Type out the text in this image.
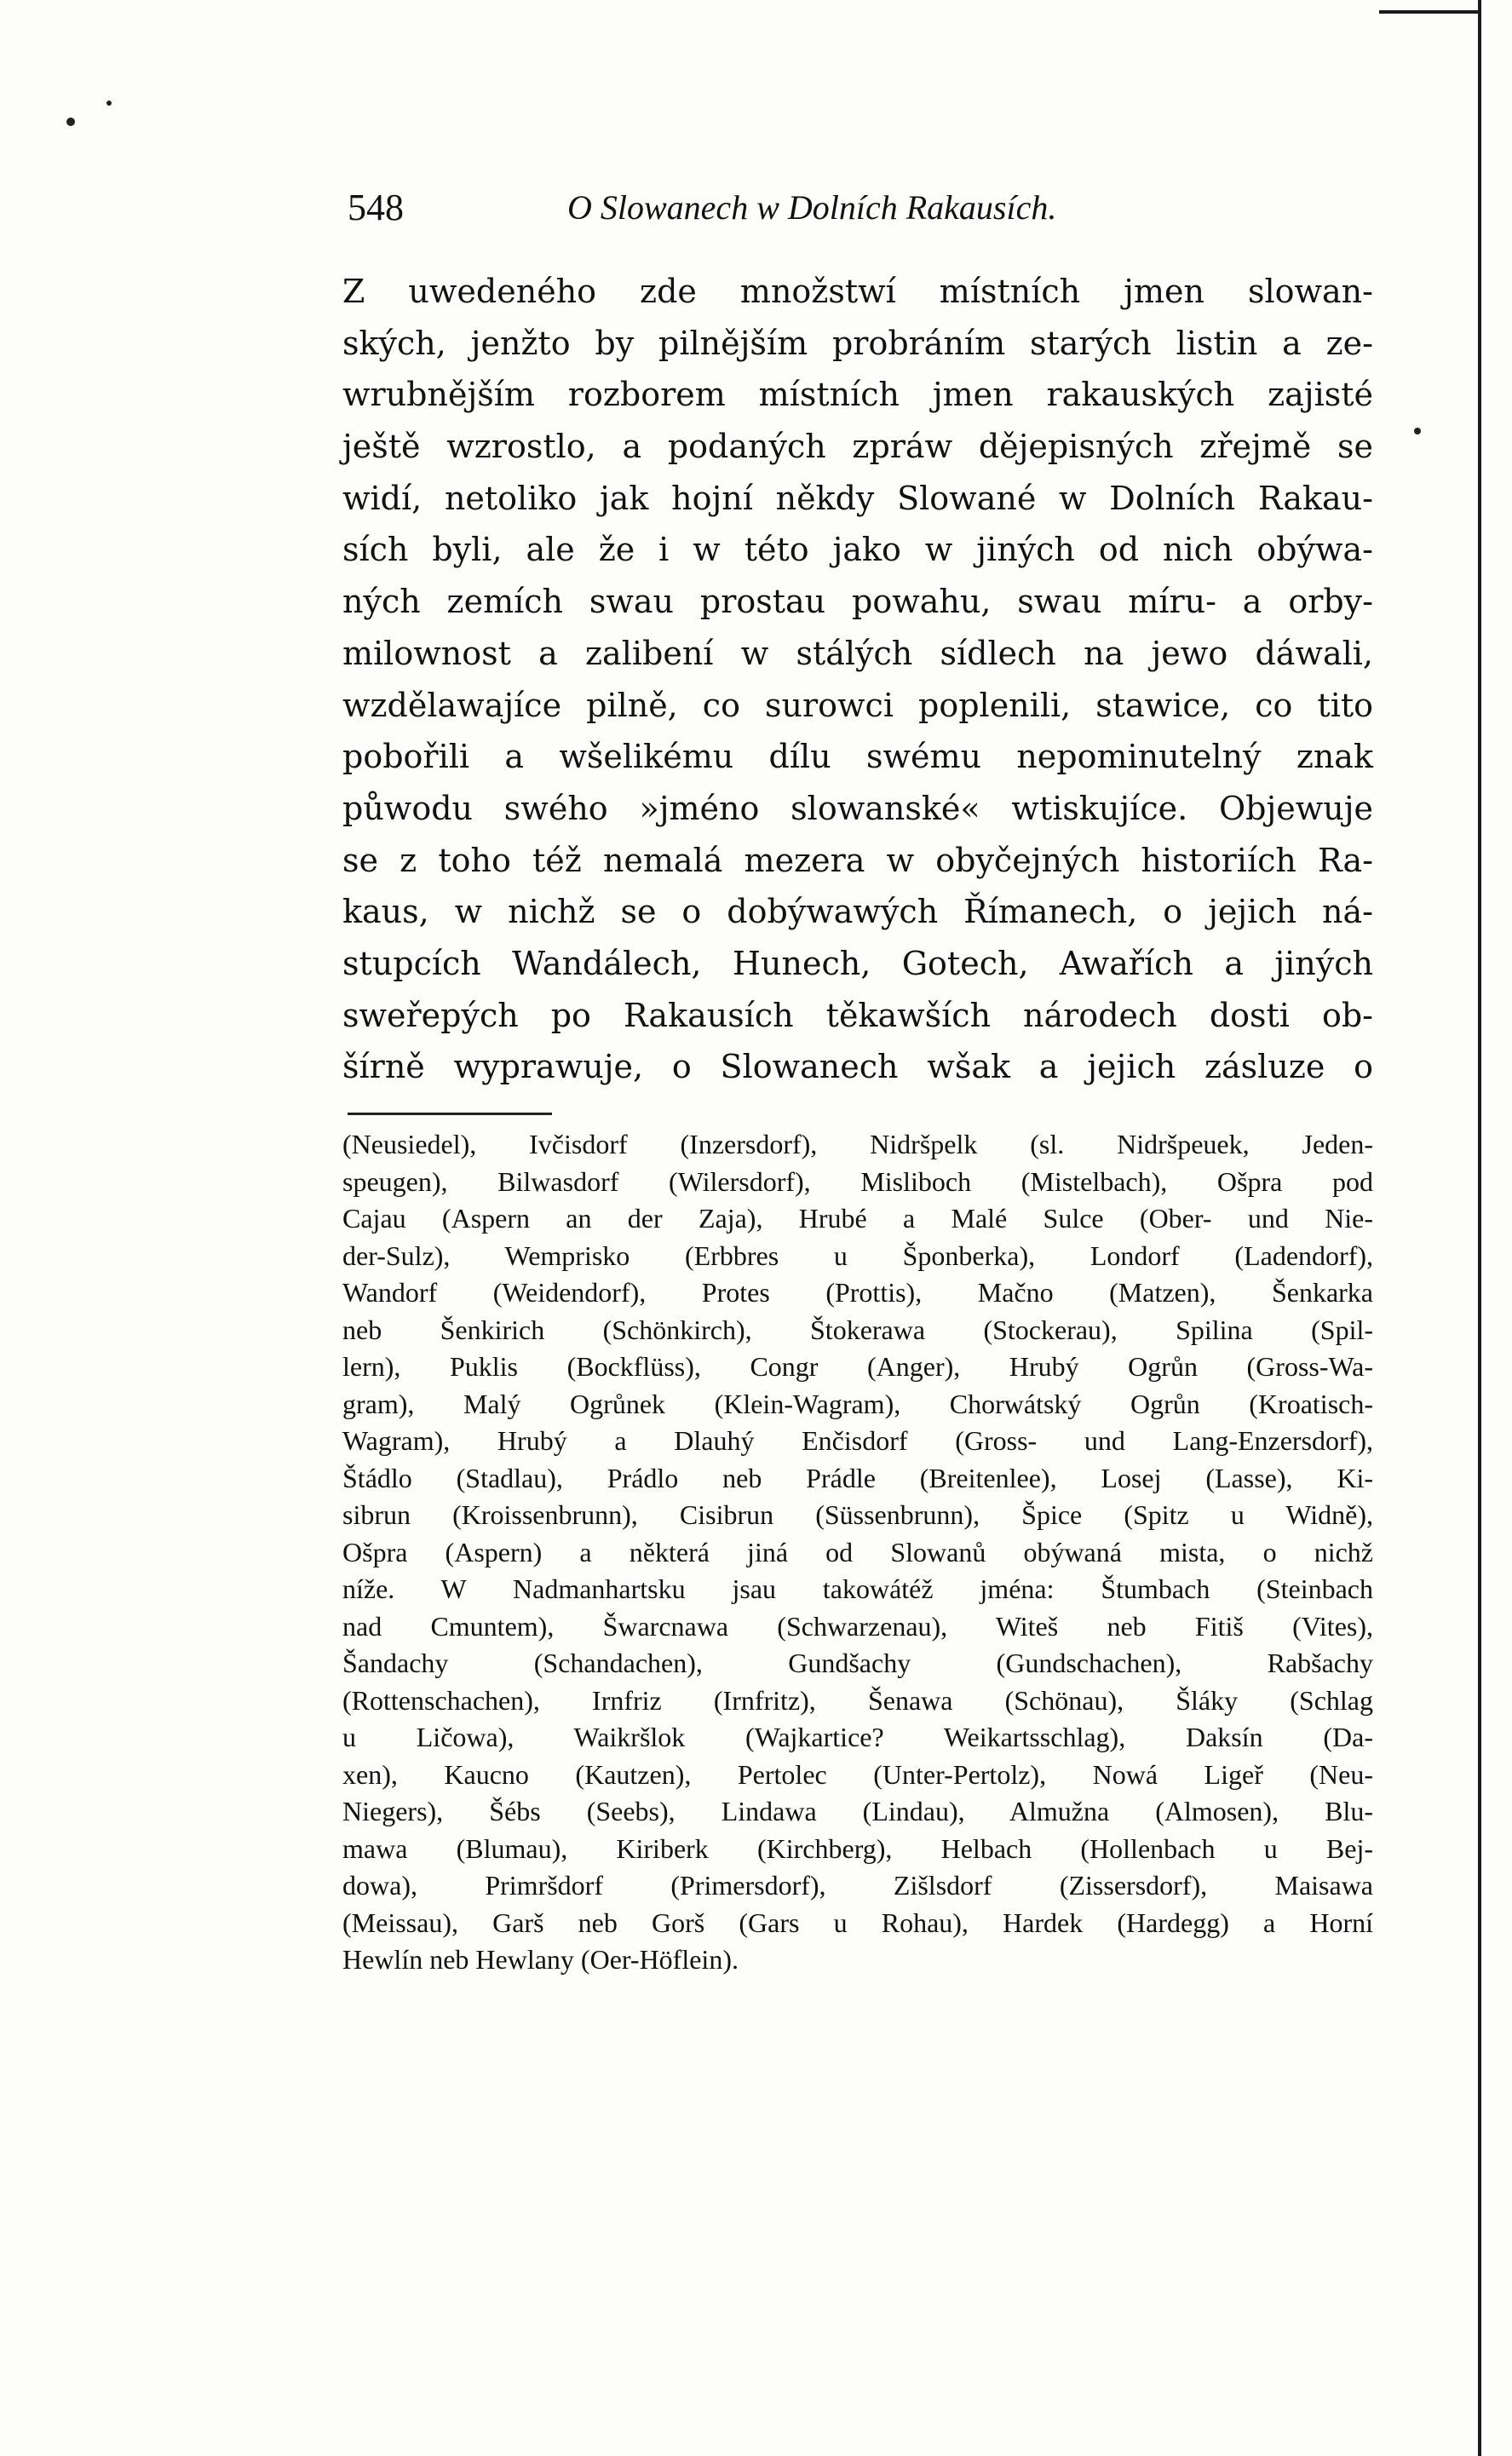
548	O Slowanech w Dolních Rakausích.
Z uwedeného zde množstwí místních jmen slowan-
ských, jenžto by pilnějším probráním starých listin a ze-
wrubnějším rozborem místních jmen rakauských zajisté
ještě wzrostlo, a podaných zpráw dějepisných zřejmě se
widí, netoliko jak hojní někdy Slowané w Dolních Rakau-
sích byli, ale že i w této jako w jiných od nich obýwa-
ných zemích swau prostau powahu, swau míru- a orby-
milownost a zalibení w stálých sídlech na jewo dáwali,
wzdělawajíce pilně, co surowci poplenili, stawice, co tito
pobořili a wšelikému dílu swému nepominutelný znak
půwodu swého »jméno slowanské« wtiskujíce. Objewuje
se z toho též nemalá mezera w obyčejných historiích Ra-
kaus, w nichž se o dobýwawých Římanech, o jejich ná-
stupcích Wandálech, Hunech, Gotech, Awařích a jiných
sweřepých po Rakausích těkawších národech dosti ob-
šírně wyprawuje, o Slowanech wšak a jejich zásluze o
(Neusiedel), Ivčisdorf (Inzersdorf), Nidršpelk (sl. Nidršpeuek, Jeden-
speugen), Bilwasdorf (Wilersdorf), Misliboch (Mistelbach), Ošpra pod
Cajau (Aspern an der Zaja), Hrubé a Malé Sulce (Ober- und Nie-
der-Sulz), Wemprisko (Erbbres u Šponberka), Londorf (Ladendorf),
Wandorf (Weidendorf), Protes (Prottis), Mačno (Matzen), Šenkarka
neb Šenkirich (Schönkirch), Štokerawa (Stockerau), Spilina (Spil-
lern), Puklis (Bockflüss), Congr (Anger), Hrubý Ogrůn (Gross-Wa-
gram), Malý Ogrůnek (Klein-Wagram), Chorwátský Ogrůn (Kroatisch-
Wagram), Hrubý a Dlauhý Enčisdorf (Gross- und Lang-Enzersdorf),
Štádlo (Stadlau), Prádlo neb Prádle (Breitenlee), Losej (Lasse), Ki-
sibrun (Kroissenbrunn), Cisibrun (Süssenbrunn), Špice (Spitz u Widně),
Ošpra (Aspern) a některá jiná od Slowanů obýwaná mista, o nichž
níže. W Nadmanhartsku jsau takowátéž jména: Štumbach (Steinbach
nad Cmuntem), Šwarcnawa (Schwarzenau), Witeš neb Fitiš (Vites),
Šandachy (Schandachen), Gundšachy (Gundschachen), Rabšachy
(Rottenschachen), Irnfriz (Irnfritz), Šenawa (Schönau), Šláky (Schlag
u Ličowa), Waikršlok (Wajkartice? Weikartsschlag), Daksín (Da-
xen), Kaucno (Kautzen), Pertolec (Unter-Pertolz), Nowá Ligeř (Neu-
Niegers), Šébs (Seebs), Lindawa (Lindau), Almužna (Almosen), Blu-
mawa (Blumau), Kiriberk (Kirchberg), Helbach (Hollenbach u Bej-
dowa), Primršdorf (Primersdorf), Zišlsdorf (Zissersdorf), Maisawa
(Meissau), Garš neb Gorš (Gars u Rohau), Hardek (Hardegg) a Horní
Hewlín neb Hewlany (Oer-Höflein).
